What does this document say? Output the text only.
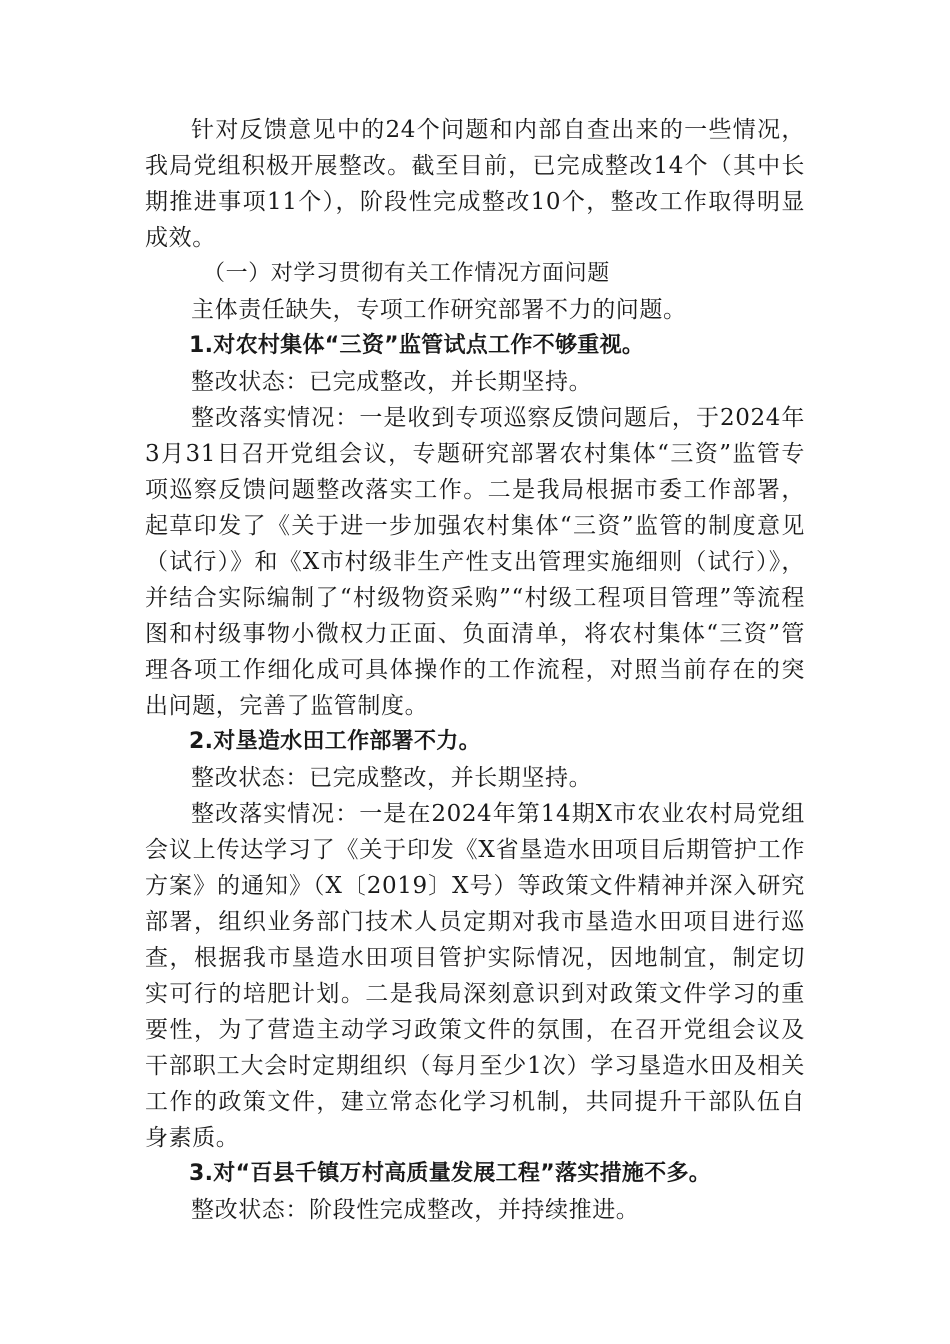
针对反馈意见中的24个问题和内部自查出来的一些情况，我局党组积极开展整改。截至目前，已完成整改14个（其中长期推进事项11个），阶段性完成整改10个，整改工作取得明显成效。

（一）对学习贯彻有关工作情况方面问题

主体责任缺失，专项工作研究部署不力的问题。

1.对农村集体“三资”监管试点工作不够重视。

整改状态：已完成整改，并长期坚持。

整改落实情况：一是收到专项巡察反馈问题后，于2024年3月31日召开党组会议，专题研究部署农村集体“三资”监管专项巡察反馈问题整改落实工作。二是我局根据市委工作部署，起草印发了《关于进一步加强农村集体“三资”监管的制度意见（试行）》和《X市村级非生产性支出管理实施细则（试行）》，并结合实际编制了“村级物资采购”“村级工程项目管理”等流程图和村级事物小微权力正面、负面清单，将农村集体“三资”管理各项工作细化成可具体操作的工作流程，对照当前存在的突出问题，完善了监管制度。

2.对垦造水田工作部署不力。

整改状态：已完成整改，并长期坚持。

整改落实情况：一是在2024年第14期X市农业农村局党组会议上传达学习了《关于印发《X省垦造水田项目后期管护工作方案》的通知》（X〔2019〕X号）等政策文件精神并深入研究部署，组织业务部门技术人员定期对我市垦造水田项目进行巡查，根据我市垦造水田项目管护实际情况，因地制宜，制定切实可行的培肥计划。二是我局深刻意识到对政策文件学习的重要性，为了营造主动学习政策文件的氛围，在召开党组会议及干部职工大会时定期组织（每月至少1次）学习垦造水田及相关工作的政策文件，建立常态化学习机制，共同提升干部队伍自身素质。

3.对“百县千镇万村高质量发展工程”落实措施不多。

整改状态：阶段性完成整改，并持续推进。
